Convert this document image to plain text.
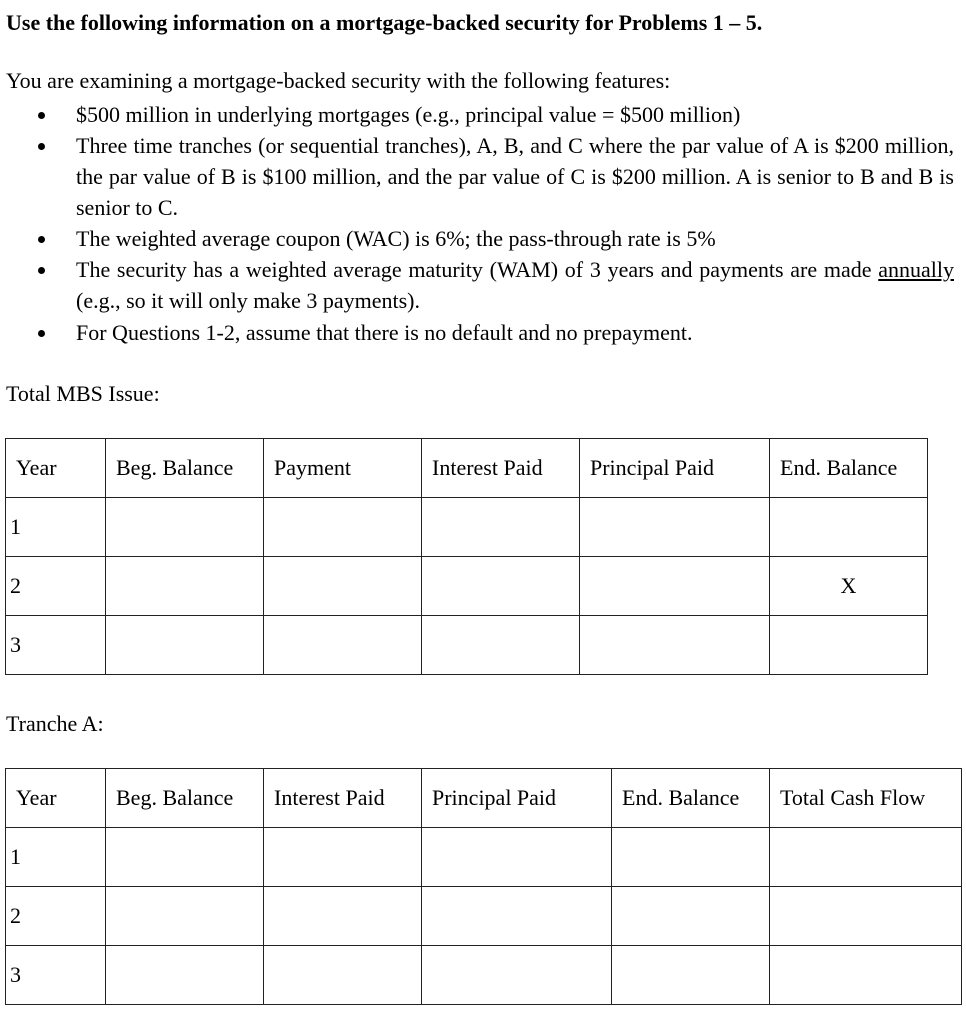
Use the following information on a mortgage-backed security for Problems 1 – 5.
You are examining a mortgage-backed security with the following features:
$500 million in underlying mortgages (e.g., principal value = $500 million)
Three time tranches (or sequential tranches), A, B, and C where the par value of A is $200 million, the par value of B is $100 million, and the par value of C is $200 million. A is senior to B and B is senior to C.
The weighted average coupon (WAC) is 6%; the pass-through rate is 5%
The security has a weighted average maturity (WAM) of 3 years and payments are made annually (e.g., so it will only make 3 payments).
For Questions 1-2, assume that there is no default and no prepayment.
Total MBS Issue:
Year	Beg. Balance	Payment	Interest Paid	Principal Paid	End. Balance
1					
2					X
3					
Tranche A:
Year	Beg. Balance	Interest Paid	Principal Paid	End. Balance	Total Cash Flow
1					
2					
3					
